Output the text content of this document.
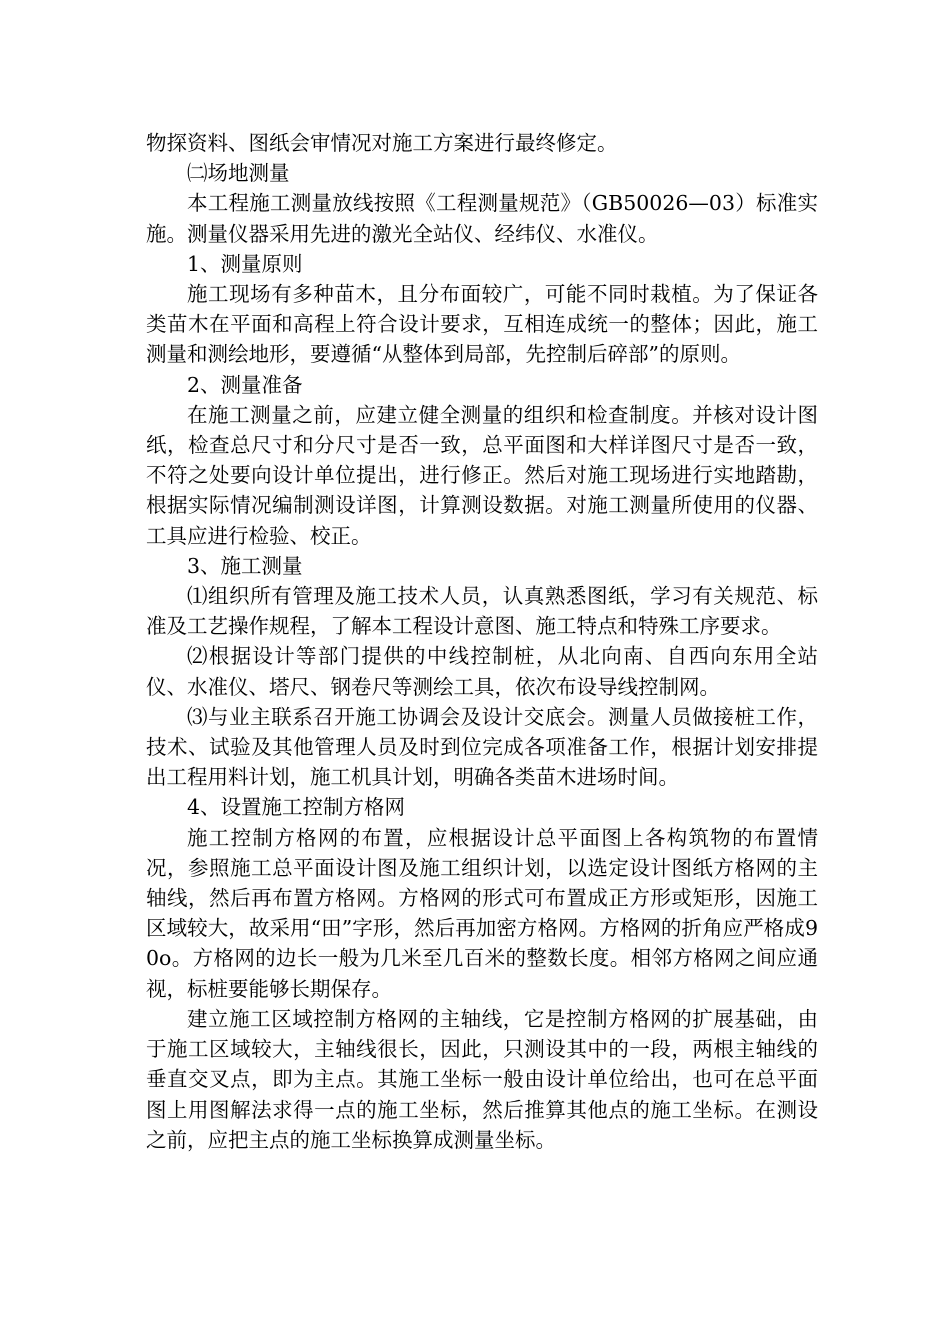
物探资料、图纸会审情况对施工方案进行最终修定。

㈡场地测量

本工程施工测量放线按照《工程测量规范》（GB50026—03）标准实施。测量仪器采用先进的激光全站仪、经纬仪、水准仪。

1、测量原则

施工现场有多种苗木，且分布面较广，可能不同时栽植。为了保证各类苗木在平面和高程上符合设计要求，互相连成统一的整体；因此，施工测量和测绘地形，要遵循“从整体到局部，先控制后碎部”的原则。

2、测量准备

在施工测量之前，应建立健全测量的组织和检查制度。并核对设计图纸，检查总尺寸和分尺寸是否一致，总平面图和大样详图尺寸是否一致，不符之处要向设计单位提出，进行修正。然后对施工现场进行实地踏勘，根据实际情况编制测设详图，计算测设数据。对施工测量所使用的仪器、工具应进行检验、校正。

3、施工测量

⑴组织所有管理及施工技术人员，认真熟悉图纸，学习有关规范、标准及工艺操作规程，了解本工程设计意图、施工特点和特殊工序要求。

⑵根据设计等部门提供的中线控制桩，从北向南、自西向东用全站仪、水准仪、塔尺、钢卷尺等测绘工具，依次布设导线控制网。

⑶与业主联系召开施工协调会及设计交底会。测量人员做接桩工作，技术、试验及其他管理人员及时到位完成各项准备工作，根据计划安排提出工程用料计划，施工机具计划，明确各类苗木进场时间。

4、设置施工控制方格网

施工控制方格网的布置，应根据设计总平面图上各构筑物的布置情况，参照施工总平面设计图及施工组织计划，以选定设计图纸方格网的主轴线，然后再布置方格网。方格网的形式可布置成正方形或矩形，因施工区域较大，故采用“田”字形，然后再加密方格网。方格网的折角应严格成90o。方格网的边长一般为几米至几百米的整数长度。相邻方格网之间应通视，标桩要能够长期保存。

建立施工区域控制方格网的主轴线，它是控制方格网的扩展基础，由于施工区域较大，主轴线很长，因此，只测设其中的一段，两根主轴线的垂直交叉点，即为主点。其施工坐标一般由设计单位给出，也可在总平面图上用图解法求得一点的施工坐标，然后推算其他点的施工坐标。在测设之前，应把主点的施工坐标换算成测量坐标。
